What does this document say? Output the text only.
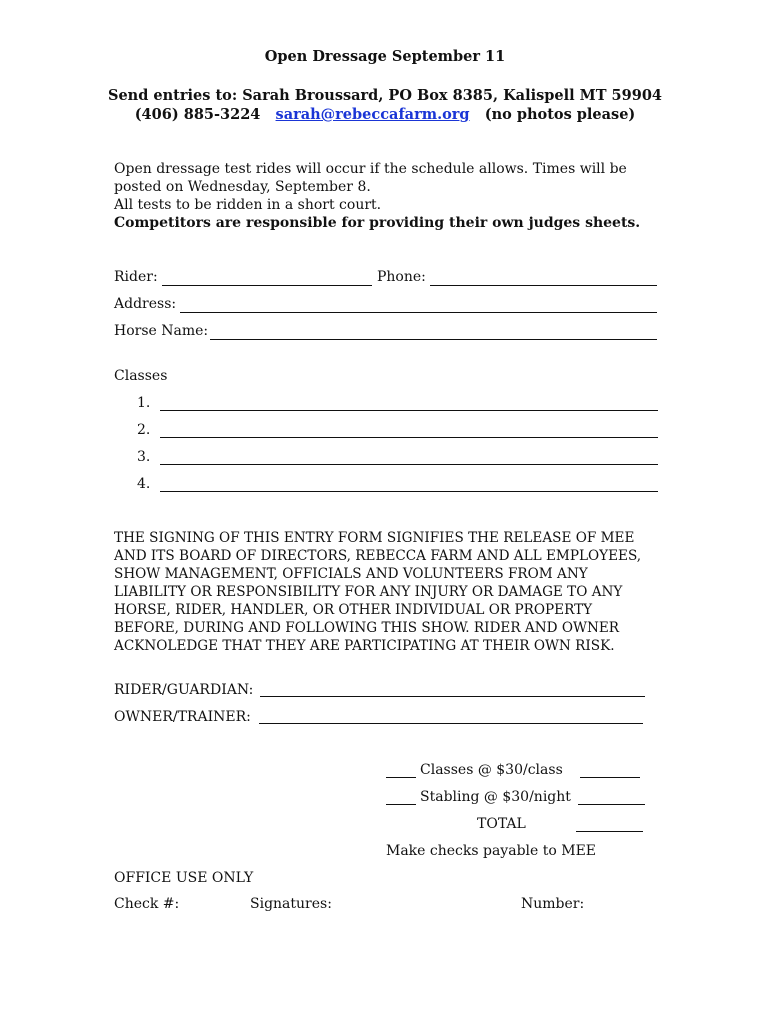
Open Dressage September 11
Send entries to: Sarah Broussard, PO Box 8385, Kalispell MT 59904
(406) 885-3224 sarah@rebeccafarm.org (no photos please)
Open dressage test rides will occur if the schedule allows. Times will be
posted on Wednesday, September 8.
All tests to be ridden in a short court.
Competitors are responsible for providing their own judges sheets.
Rider:	Phone:
Address:
Horse Name:
Classes
1.
2.
3.
4.
THE SIGNING OF THIS ENTRY FORM SIGNIFIES THE RELEASE OF MEE
AND ITS BOARD OF DIRECTORS, REBECCA FARM AND ALL EMPLOYEES,
SHOW MANAGEMENT, OFFICIALS AND VOLUNTEERS FROM ANY
LIABILITY OR RESPONSIBILITY FOR ANY INJURY OR DAMAGE TO ANY
HORSE, RIDER, HANDLER, OR OTHER INDIVIDUAL OR PROPERTY
BEFORE, DURING AND FOLLOWING THIS SHOW. RIDER AND OWNER
ACKNOLEDGE THAT THEY ARE PARTICIPATING AT THEIR OWN RISK.
RIDER/GUARDIAN:
OWNER/TRAINER:
Classes @ $30/class
Stabling @ $30/night
TOTAL
Make checks payable to MEE
OFFICE USE ONLY
Check #:	Signatures:	Number:
